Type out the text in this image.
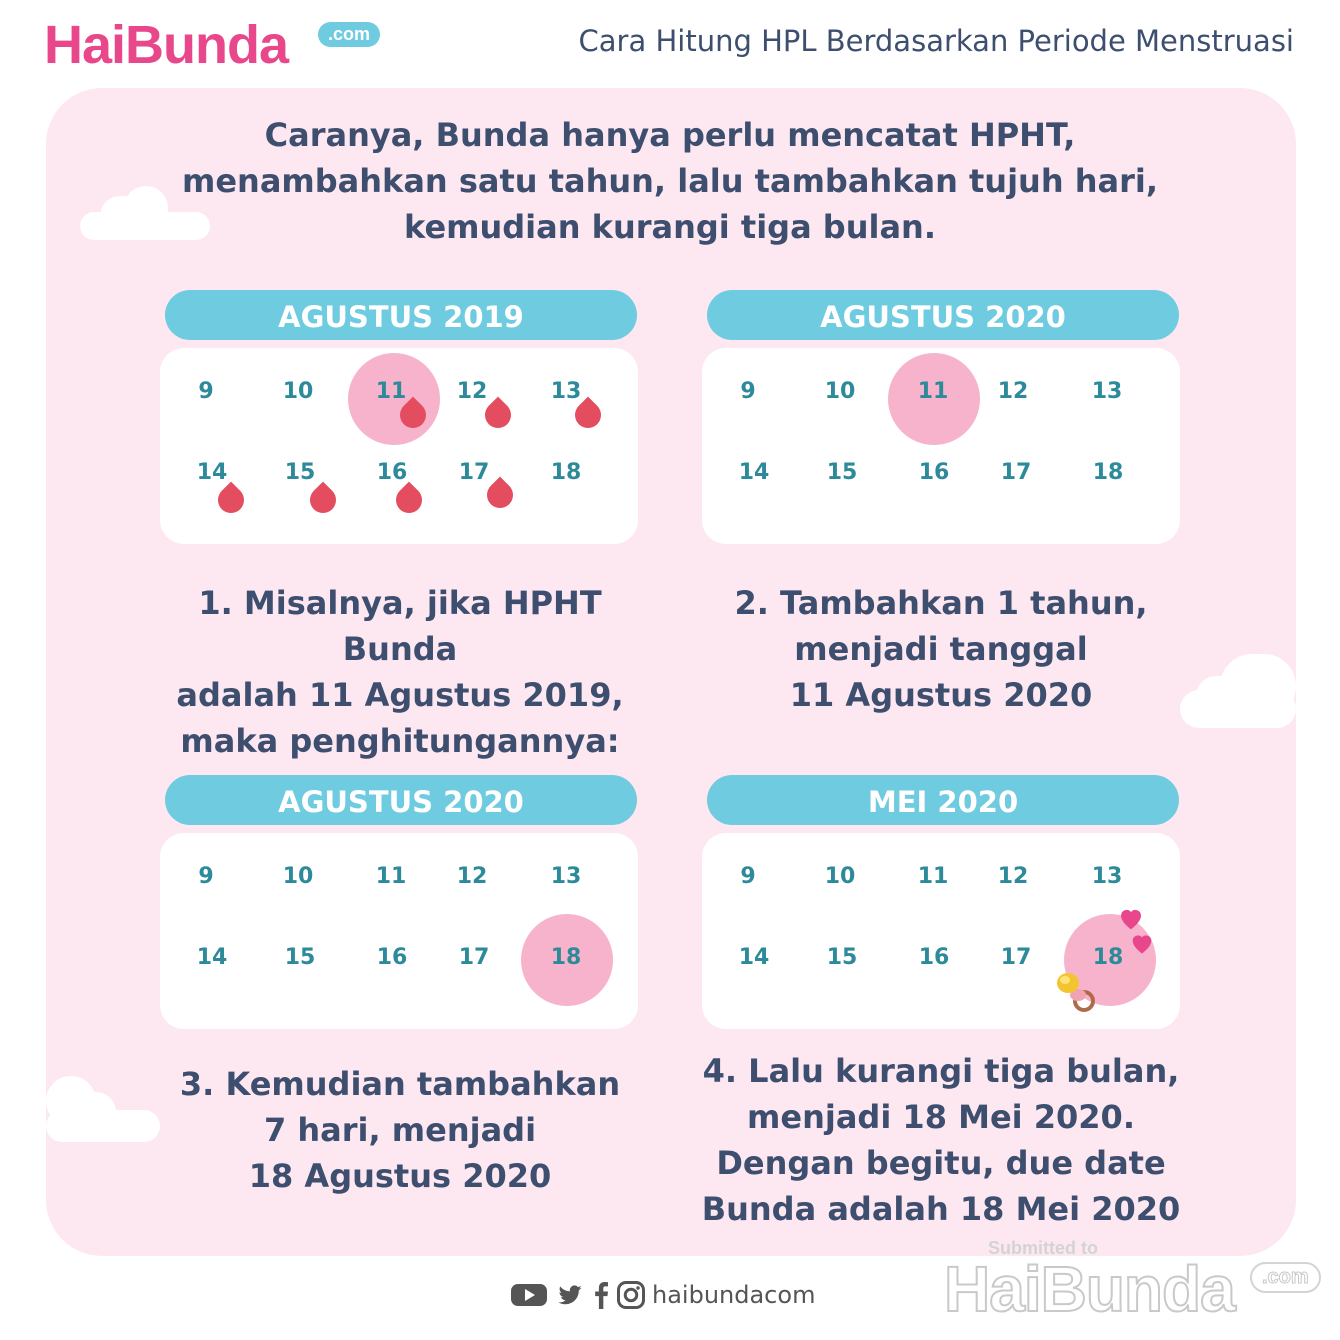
HaiBunda	.com	Cara Hitung HPL Berdasarkan Periode Menstruasi
Caranya, Bunda hanya perlu mencatat HPHT,
menambahkan satu tahun, lalu tambahkan tujuh hari,
kemudian kurangi tiga bulan.
AGUSTUS 2019
9	10	11	12	13
14	15	16	17	18
AGUSTUS 2020
9	10	11	12	13
14	15	16	17	18
1. Misalnya, jika HPHT Bunda
adalah 11 Agustus 2019,
maka penghitungannya:
2. Tambahkan 1 tahun,
menjadi tanggal
11 Agustus 2020
AGUSTUS 2020
9	10	11	12	13
14	15	16	17	18
MEI 2020
9	10	11	12	13
14	15	16	17	18
3. Kemudian tambahkan
7 hari, menjadi
18 Agustus 2020
4. Lalu kurangi tiga bulan,
menjadi 18 Mei 2020.
Dengan begitu, due date
Bunda adalah 18 Mei 2020
haibundacom
Submitted to
HaiBunda	.com
